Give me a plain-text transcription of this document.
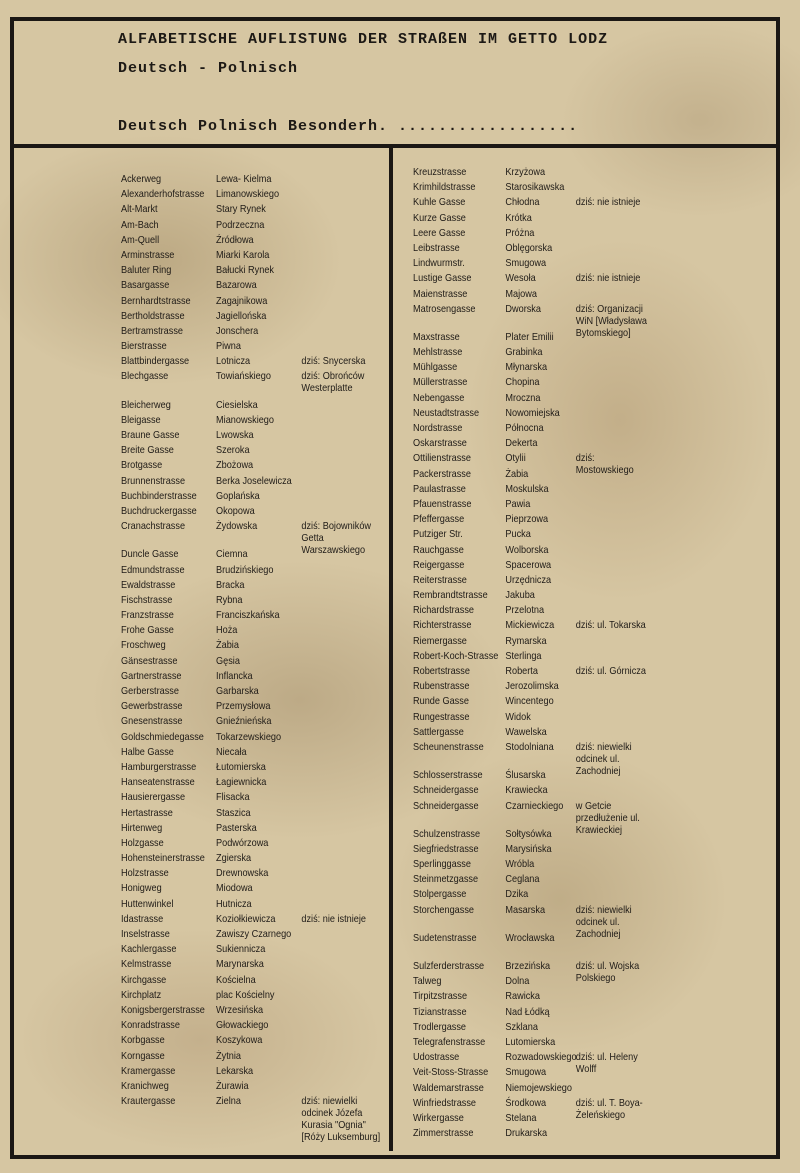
ALFABETISCHE AUFLISTUNG DER STRAßEN IM GETTO LODZ
Deutsch - Polnisch
Deutsch Polnisch Besonderh. ..................
Ackerweg	Lewa- Kielma
Alexanderhofstrasse Limanowskiego
Alt-Markt	Stary Rynek
Am-Bach	Podrzeczna
Am-Quell	Źródłowa
Arminstrasse	Miarki Karola
Baluter Ring	Bałucki Rynek
Basargasse	Bazarowa
Bernhardtstrasse Zagajnikowa
Bertholdstrasse	Jagiellońska
Bertramstrasse	Jonschera
Bierstrasse	Piwna
Blattbindergasse	Lotnicza	dziś: Snycerska
Blechgasse	Towiańskiego	dziś: Obrońców Westerplatte
Bleicherweg	Ciesielska
Bleigasse	Mianowskiego
Braune Gasse	Lwowska
Breite Gasse	Szeroka
Brotgasse	Zbożowa
Brunnenstrasse	Berka Joselewicza
Buchbinderstrasse Goplańska
Buchdruckergasse Okopowa
Cranachstrasse	Żydowska	dziś: Bojowników Getta Warszawskiego
Duncle Gasse	Ciemna
Edmundstrasse	Brudzińskiego
Ewaldstrasse	Bracka
Fischstrasse	Rybna
Franzstrasse	Franciszkańska
Frohe Gasse	Hoża
Froschweg	Żabia
Gänsestrasse	Gęsia
Gartnerstrasse	Inflancka
Gerberstrasse	Garbarska
Gewerbstrasse	Przemysłowa
Gnesenstrasse	Gnieźnieńska
Goldschmiedegasse Tokarzewskiego
Halbe Gasse	Niecała
Hamburgerstrasse Łutomierska
Hanseatenstrasse Łagiewnicka
Hausierergasse	Flisacka
Hertastrasse	Staszica
Hirtenweg	Pasterska
Holzgasse	Podwórzowa
Hohensteinerstrasse Zgierska
Holzstrasse	Drewnowska
Honigweg	Miodowa
Huttenwinkel	Hutnicza
Idastrasse	Koziołkiewicza dziś: nie istnieje
Inselstrasse	Zawiszy Czarnego
Kachlergasse	Sukiennicza
Kelmstrasse	Marynarska
Kirchgasse	Kościelna
Kirchplatz	plac Kościelny
Konigsbergerstrasse Wrzesińska
Konradstrasse	Głowackiego
Korbgasse	Koszykowa
Korngasse	Żytnia
Kramergasse	Lekarska
Kranichweg	Żurawia
Krautergasse	Zielna	dziś: niewielki odcinek Józefa Kurasia "Ognia" [Róży Luksemburg]
Kreuzstrasse	Krzyżowa
Krimhildstrasse	Starosikawska
Kuhle Gasse	Chłodna	dziś: nie istnieje
Kurze Gasse	Krótka
Leere Gasse	Próżna
Leibstrasse	Oblęgorska
Lindwurmstr.	Smugowa
Lustige Gasse	Wesoła	dziś: nie istnieje
Maienstrasse	Majowa
Matrosengasse	Dworska	dziś: Organizacji WiN [Władysława Bytomskiego]
Maxstrasse	Plater Emilii
Mehlstrasse	Grabinka
Mühlgasse	Młynarska
Müllerstrasse	Chopina
Nebengasse	Mroczna
Neustadtstrasse	Nowomiejska
Nordstrasse	Północna
Oskarstrasse	Dekerta
Ottilienstrasse	Otylii	dziś: Mostowskiego
Packerstrasse	Żabia
Paulastrasse	Moskulska
Pfauenstrasse	Pawia
Pfeffergasse	Pieprzowa
Putziger Str.	Pucka
Rauchgasse	Wolborska
Reigergasse	Spacerowa
Reiterstrasse	Urzędnicza
Rembrandtstrasse Jakuba
Richardstrasse	Przelotna
Richterstrasse	Mickiewicza dziś: ul. Tokarska
Riemergasse	Rymarska
Robert-Koch-Strasse Sterlinga
Robertstrasse	Roberta	dziś: ul. Górnicza
Rubenstrasse	Jerozolimska
Runde Gasse	Wincentego
Rungestrasse	Widok
Sattlergasse	Wawelska
Scheunenstrasse Stodolniana dziś: niewielki odcinek ul. Zachodniej
Schlosserstrasse Ślusarska
Schneidergasse	Krawiecka
Schneidergasse	Czarnieckiego w Getcie przedłużenie ul. Krawieckiej
Schulzenstrasse Sołtysówka
Siegfriedstrasse	Marysińska
Sperlinggasse	Wróbla
Steinmetzgasse	Ceglana
Stolpergasse	Dzika
Storchengasse	Masarska	dziś: niewielki odcinek ul. Zachodniej
Sudetenstrasse	Wrocławska
Sulzferderstrasse Brzezińska dziś: ul. Wojska Polskiego
Talweg	Dolna
Tirpitzstrasse	Rawicka
Tizianstrasse	Nad Łódką
Trodlergasse	Szklana
Telegrafenstrasse Lutomierska
Udostrasse	Rozwadowskiego dziś: ul. Heleny Wolff
Veit-Stoss-Strasse Smugowa
Waldemarstrasse Niemojewskiego
Winfriedstrasse	Środkowa	dziś: ul. T. Boya-Żeleńskiego
Wirkergasse	Stelana
Zimmerstrasse	Drukarska
